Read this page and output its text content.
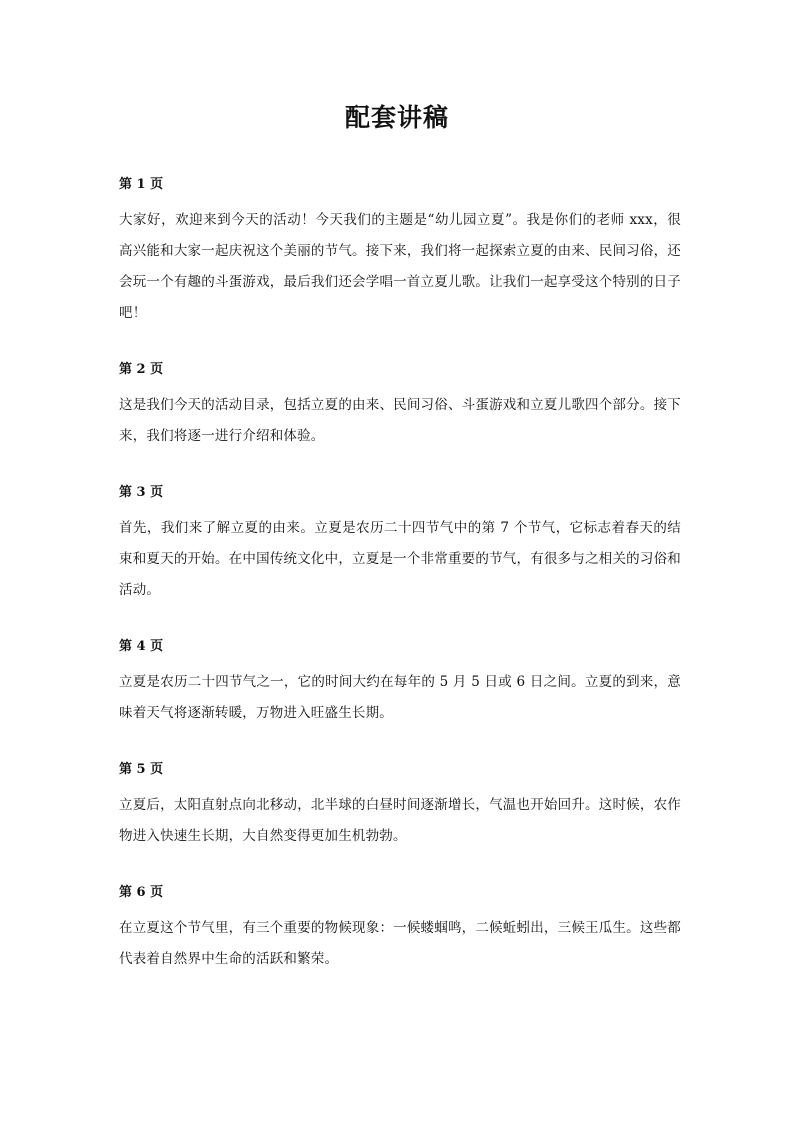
配套讲稿
第 1 页

大家好，欢迎来到今天的活动！今天我们的主题是“幼儿园立夏”。我是你们的老师 xxx，很高兴能和大家一起庆祝这个美丽的节气。接下来，我们将一起探索立夏的由来、民间习俗，还会玩一个有趣的斗蛋游戏，最后我们还会学唱一首立夏儿歌。让我们一起享受这个特别的日子吧！

第 2 页

这是我们今天的活动目录，包括立夏的由来、民间习俗、斗蛋游戏和立夏儿歌四个部分。接下来，我们将逐一进行介绍和体验。

第 3 页

首先，我们来了解立夏的由来。立夏是农历二十四节气中的第 7 个节气，它标志着春天的结束和夏天的开始。在中国传统文化中，立夏是一个非常重要的节气，有很多与之相关的习俗和活动。

第 4 页

立夏是农历二十四节气之一，它的时间大约在每年的 5 月 5 日或 6 日之间。立夏的到来，意味着天气将逐渐转暖，万物进入旺盛生长期。

第 5 页

立夏后，太阳直射点向北移动，北半球的白昼时间逐渐增长，气温也开始回升。这时候，农作物进入快速生长期，大自然变得更加生机勃勃。

第 6 页

在立夏这个节气里，有三个重要的物候现象：一候蝼蝈鸣，二候蚯蚓出，三候王瓜生。这些都代表着自然界中生命的活跃和繁荣。
